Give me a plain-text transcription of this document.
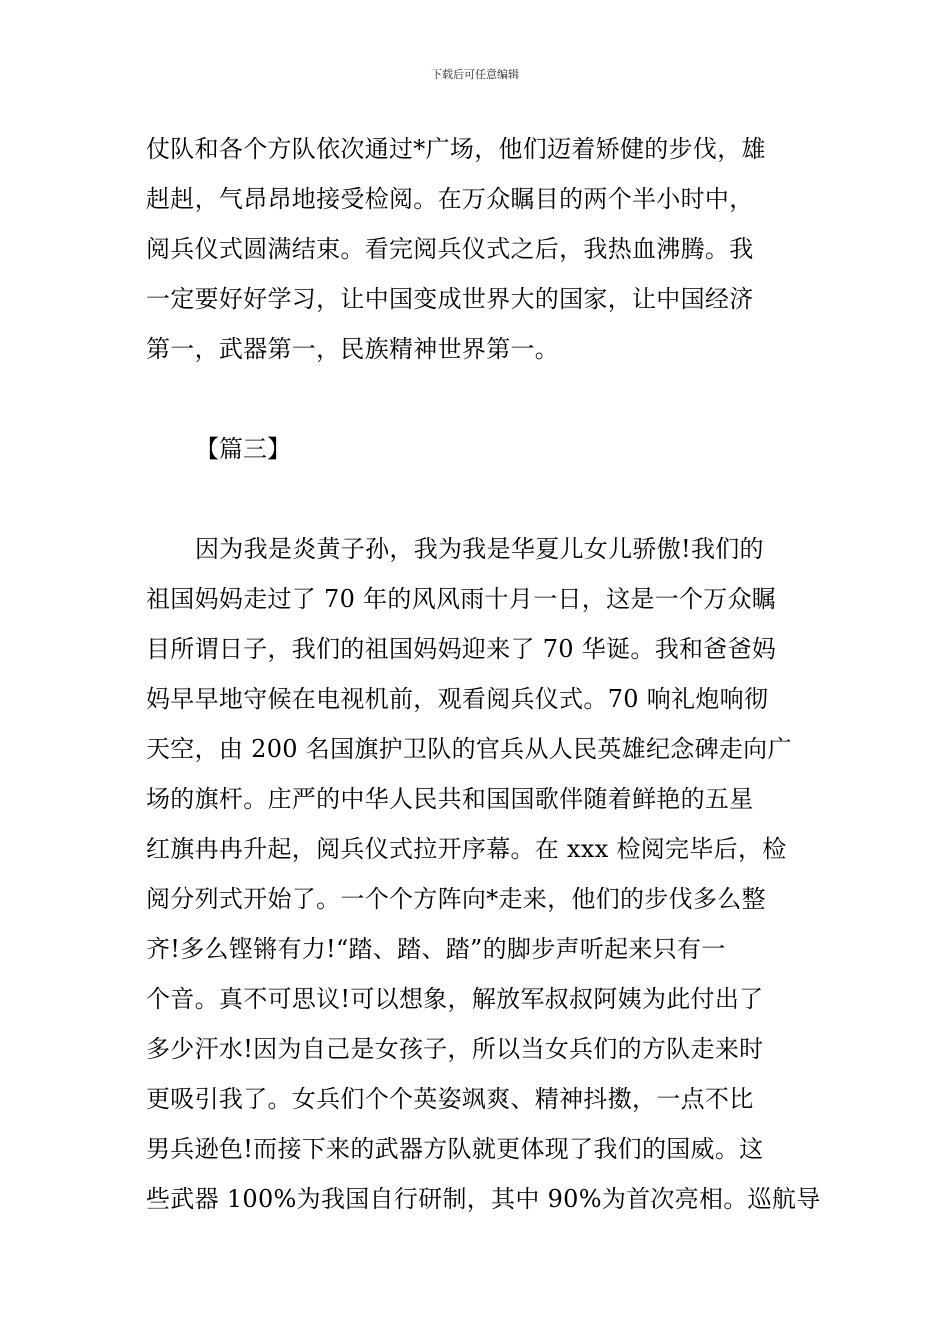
下载后可任意编辑
仗队和各个方队依次通过*广场，他们迈着矫健的步伐，雄
赳赳，气昂昂地接受检阅。在万众瞩目的两个半小时中，
阅兵仪式圆满结束。看完阅兵仪式之后，我热血沸腾。我
一定要好好学习，让中国变成世界大的国家，让中国经济
第一，武器第一，民族精神世界第一。
【篇三】
因为我是炎黄子孙，我为我是华夏儿女儿骄傲!我们的
祖国妈妈走过了 70 年的风风雨十月一日，这是一个万众瞩
目所谓日子，我们的祖国妈妈迎来了 70 华诞。我和爸爸妈
妈早早地守候在电视机前，观看阅兵仪式。70 响礼炮响彻
天空，由 200 名国旗护卫队的官兵从人民英雄纪念碑走向广
场的旗杆。庄严的中华人民共和国国歌伴随着鲜艳的五星
红旗冉冉升起，阅兵仪式拉开序幕。在 xxx 检阅完毕后，检
阅分列式开始了。一个个方阵向*走来，他们的步伐多么整
齐!多么铿锵有力!“踏、踏、踏”的脚步声听起来只有一
个音。真不可思议!可以想象，解放军叔叔阿姨为此付出了
多少汗水!因为自己是女孩子，所以当女兵们的方队走来时
更吸引我了。女兵们个个英姿飒爽、精神抖擞，一点不比
男兵逊色!而接下来的武器方队就更体现了我们的国威。这
些武器 100%为我国自行研制，其中 90%为首次亮相。巡航导
